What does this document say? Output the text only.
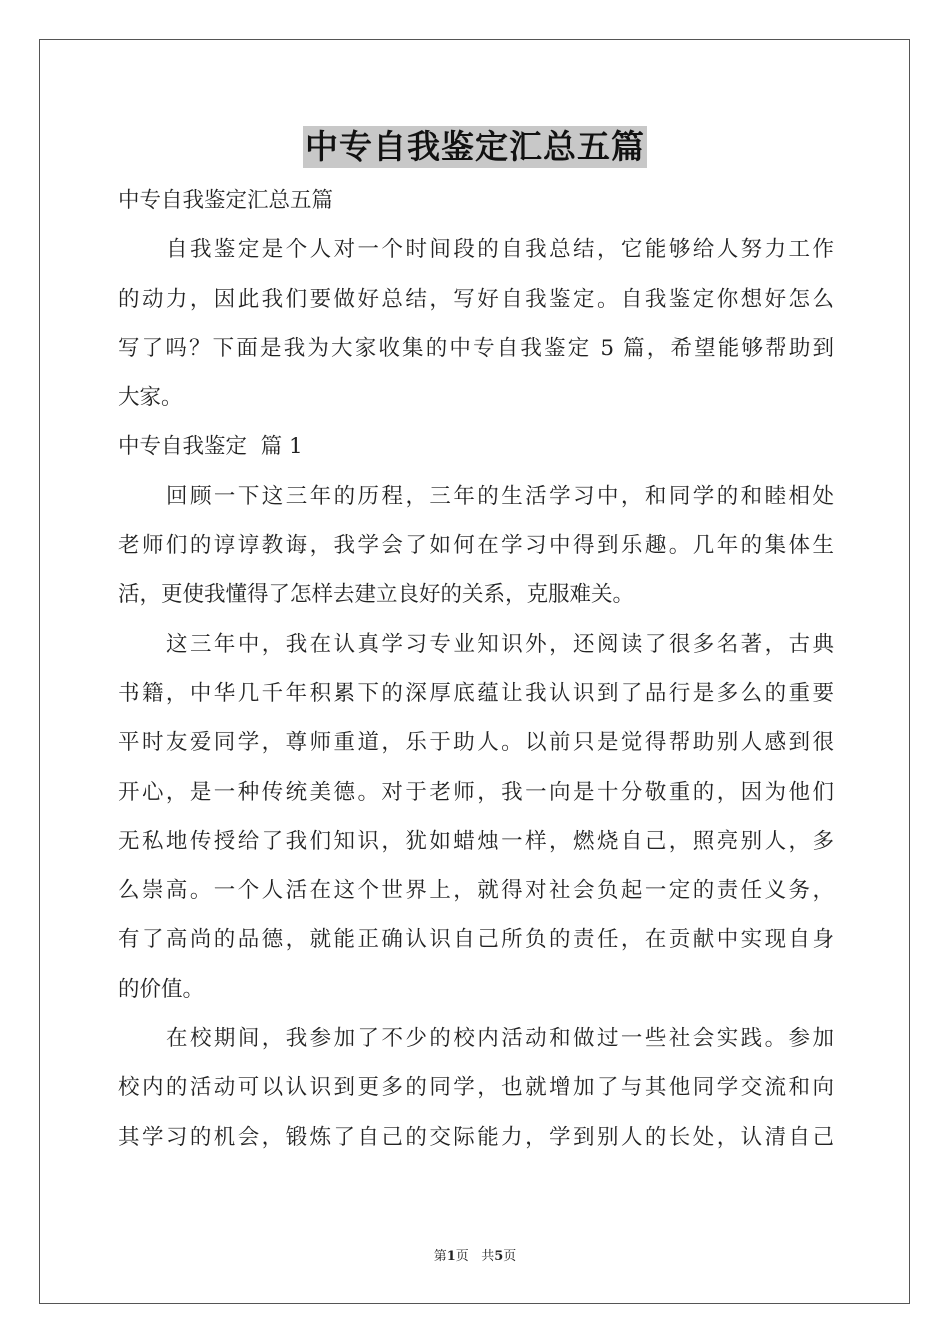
中专自我鉴定汇总五篇
中专自我鉴定汇总五篇
自我鉴定是个人对一个时间段的自我总结，它能够给人努力工作
的动力，因此我们要做好总结，写好自我鉴定。自我鉴定你想好怎么
写了吗？下面是我为大家收集的中专自我鉴定 5 篇，希望能够帮助到
大家。
中专自我鉴定  篇 1
回顾一下这三年的历程，三年的生活学习中，和同学的和睦相处
老师们的谆谆教诲，我学会了如何在学习中得到乐趣。几年的集体生
活，更使我懂得了怎样去建立良好的关系，克服难关。
这三年中，我在认真学习专业知识外，还阅读了很多名著，古典
书籍，中华几千年积累下的深厚底蕴让我认识到了品行是多么的重要
平时友爱同学，尊师重道，乐于助人。以前只是觉得帮助别人感到很
开心，是一种传统美德。对于老师，我一向是十分敬重的，因为他们
无私地传授给了我们知识，犹如蜡烛一样，燃烧自己，照亮别人，多
么崇高。一个人活在这个世界上，就得对社会负起一定的责任义务，
有了高尚的品德，就能正确认识自己所负的责任，在贡献中实现自身
的价值。
在校期间，我参加了不少的校内活动和做过一些社会实践。参加
校内的活动可以认识到更多的同学，也就增加了与其他同学交流和向
其学习的机会，锻炼了自己的交际能力，学到别人的长处，认清自己
第1页 共5页
